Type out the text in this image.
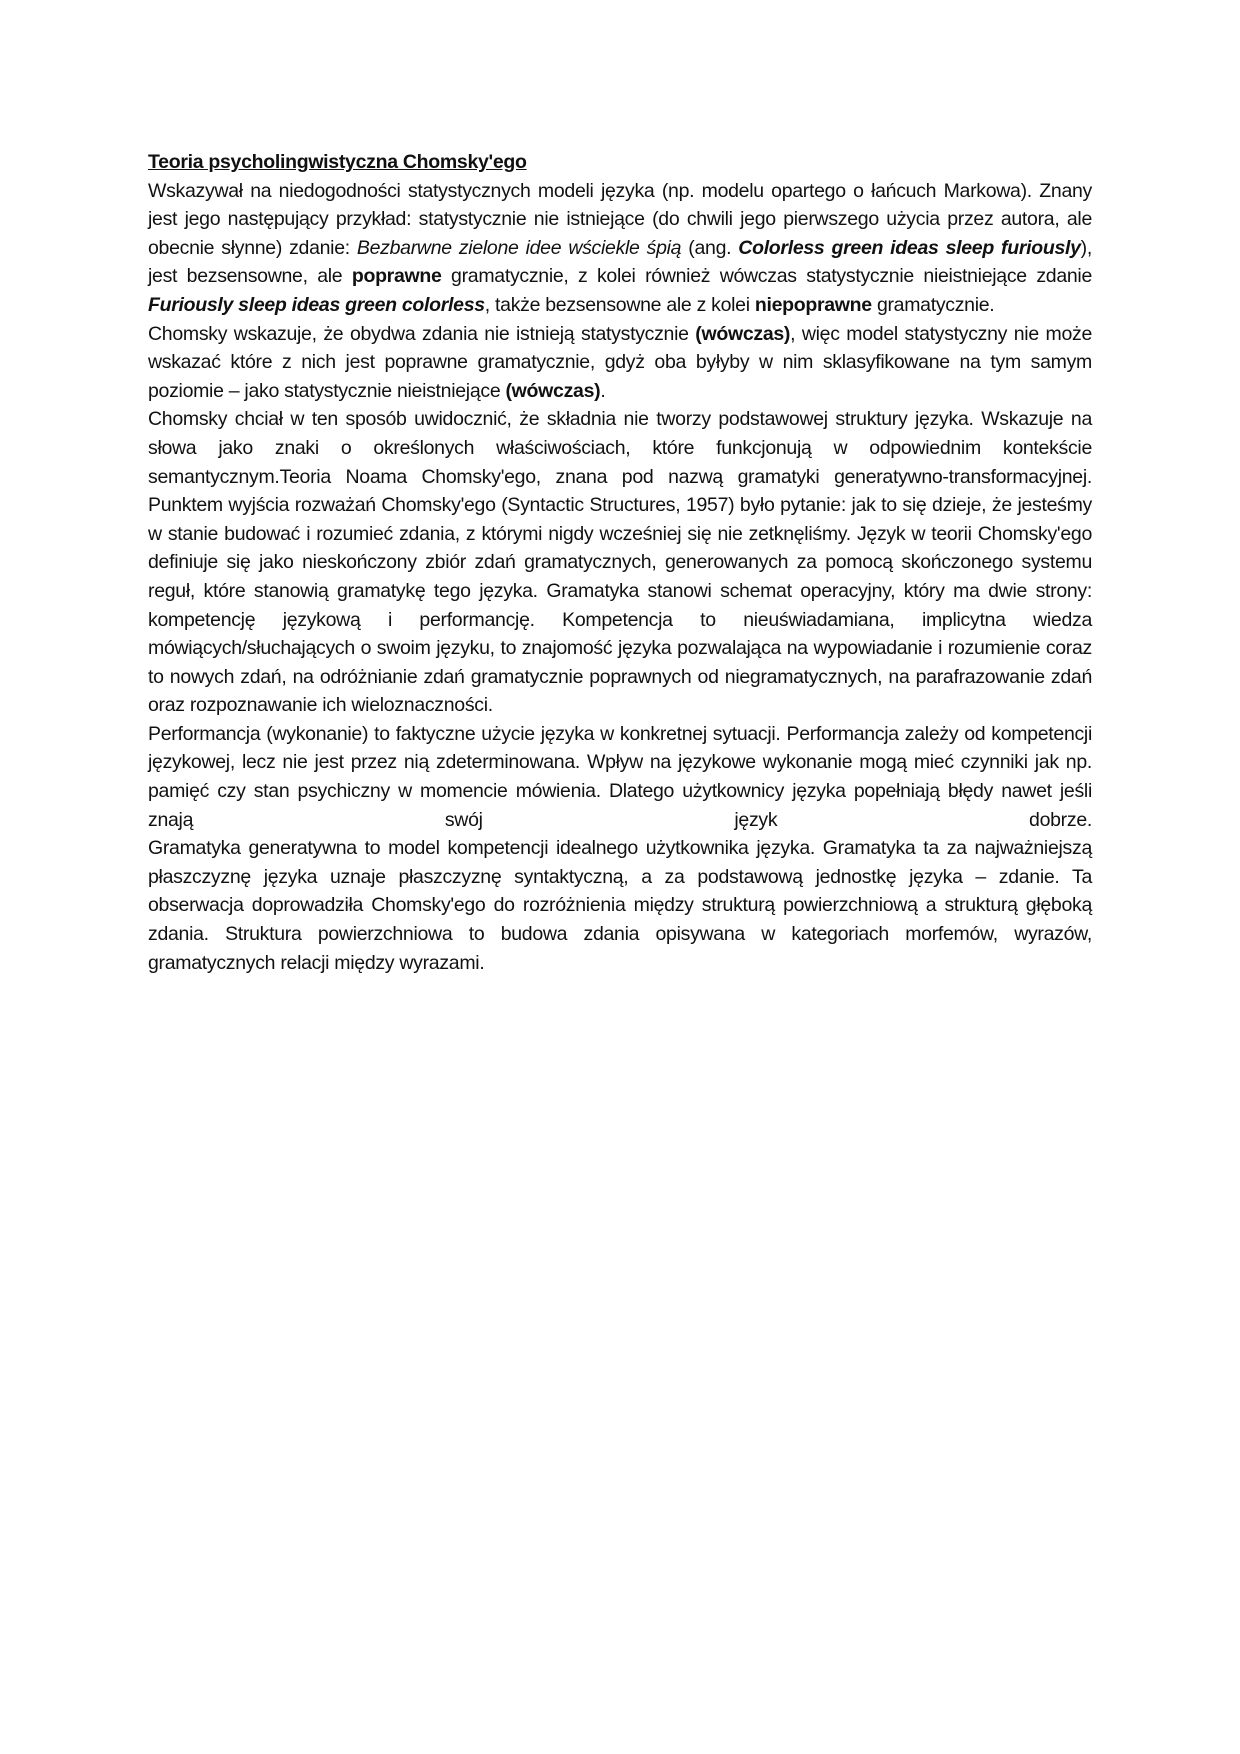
Teoria psycholingwistyczna Chomsky'ego

Wskazywał na niedogodności statystycznych modeli języka (np. modelu opartego o łańcuch Markowa). Znany jest jego następujący przykład: statystycznie nie istniejące (do chwili jego pierwszego użycia przez autora, ale obecnie słynne) zdanie: Bezbarwne zielone idee wściekle śpią (ang. Colorless green ideas sleep furiously), jest bezsensowne, ale poprawne gramatycznie, z kolei również wówczas statystycznie nieistniejące zdanie Furiously sleep ideas green colorless, także bezsensowne ale z kolei niepoprawne gramatycznie.

Chomsky wskazuje, że obydwa zdania nie istnieją statystycznie (wówczas), więc model statystyczny nie może wskazać które z nich jest poprawne gramatycznie, gdyż oba byłyby w nim sklasyfikowane na tym samym poziomie – jako statystycznie nieistniejące (wówczas).

Chomsky chciał w ten sposób uwidocznić, że składnia nie tworzy podstawowej struktury języka. Wskazuje na słowa jako znaki o określonych właściwościach, które funkcjonują w odpowiednim kontekście semantycznym.Teoria Noama Chomsky'ego, znana pod nazwą gramatyki generatywno-transformacyjnej. Punktem wyjścia rozważań Chomsky'ego (Syntactic Structures, 1957) było pytanie: jak to się dzieje, że jesteśmy w stanie budować i rozumieć zdania, z którymi nigdy wcześniej się nie zetknęliśmy. Język w teorii Chomsky'ego definiuje się jako nieskończony zbiór zdań gramatycznych, generowanych za pomocą skończonego systemu reguł, które stanowią gramatykę tego języka. Gramatyka stanowi schemat operacyjny, który ma dwie strony: kompetencję językową i performancję. Kompetencja to nieuświadamiana, implicytna wiedza mówiących/słuchających o swoim języku, to znajomość języka pozwalająca na wypowiadanie i rozumienie coraz to nowych zdań, na odróżnianie zdań gramatycznie poprawnych od niegramatycznych, na parafrazowanie zdań oraz rozpoznawanie ich wieloznaczności.

Performancja (wykonanie) to faktyczne użycie języka w konkretnej sytuacji. Performancja zależy od kompetencji językowej, lecz nie jest przez nią zdeterminowana. Wpływ na językowe wykonanie mogą mieć czynniki jak np. pamięć czy stan psychiczny w momencie mówienia. Dlatego użytkownicy języka popełniają błędy nawet jeśli znają swój język dobrze.

Gramatyka generatywna to model kompetencji idealnego użytkownika języka. Gramatyka ta za najważniejszą płaszczyznę języka uznaje płaszczyznę syntaktyczną, a za podstawową jednostkę języka – zdanie. Ta obserwacja doprowadziła Chomsky'ego do rozróżnienia między strukturą powierzchniową a strukturą głęboką zdania. Struktura powierzchniowa to budowa zdania opisywana w kategoriach morfemów, wyrazów, gramatycznych relacji między wyrazami.
